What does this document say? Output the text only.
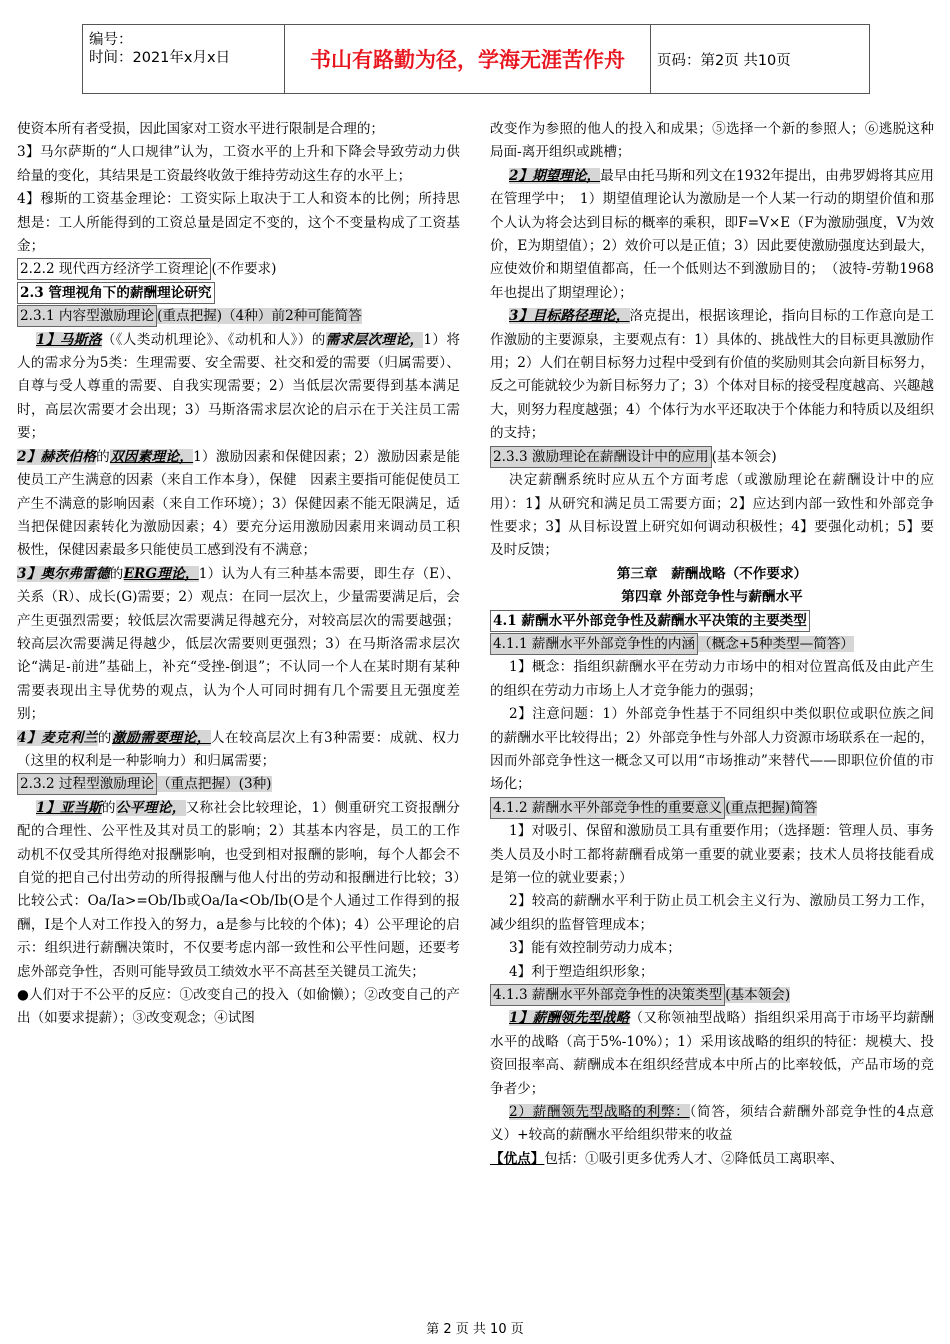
编号：
时间：2021年x月x日	书山有路勤为径，学海无涯苦作舟	页码：第2页 共10页

使资本所有者受损，因此国家对工资水平进行限制是合理的；

3】马尔萨斯的“人口规律”认为，工资水平的上升和下降会导致劳动力供给量的变化，其结果是工资最终收敛于维持劳动这生存的水平上；

4】穆斯的工资基金理论：工资实际上取决于工人和资本的比例；所持思想是：工人所能得到的工资总量是固定不变的，这个不变量构成了工资基金；

2.2.2 现代西方经济学工资理论 (不作要求)

2.3 管理视角下的薪酬理论研究

2.3.1 内容型激励理论 (重点把握)（4种）前2种可能简答

1】马斯洛（《人类动机理论》、《动机和人》）的需求层次理论，1）将人的需求分为5类：生理需要、安全需要、社交和爱的需要（归属需要）、自尊与受人尊重的需要、自我实现需要；2）当低层次需要得到基本满足时，高层次需要才会出现；3）马斯洛需求层次论的启示在于关注员工需要；

2】赫茨伯格的双因素理论，1）激励因素和保健因素；2）激励因素是能使员工产生满意的因素（来自工作本身），保健　因素主要指可能促使员工产生不满意的影响因素（来自工作环境）；3）保健因素不能无限满足，适当把保健因素转化为激励因素；4）要充分运用激励因素用来调动员工积极性，保健因素最多只能使员工感到没有不满意；

3】奥尔弗雷德的ERG理论，1）认为人有三种基本需要，即生存（E）、关系（R）、成长(G)需要；2）观点：在同一层次上，少量需要满足后，会产生更强烈需要；较低层次需要满足得越充分，对较高层次的需要越强；较高层次需要满足得越少，低层次需要则更强烈；3）在马斯洛需求层次论“满足-前进”基础上，补充“受挫-倒退”；不认同一个人在某时期有某种需要表现出主导优势的观点，认为个人可同时拥有几个需要且无强度差别；

4】麦克利兰的激励需要理论，人在较高层次上有3种需要：成就、权力（这里的权利是一种影响力）和归属需要；

2.3.2 过程型激励理论 （重点把握）(3种)

1】亚当斯的公平理论，又称社会比较理论，1）侧重研究工资报酬分配的合理性、公平性及其对员工的影响；2）其基本内容是，员工的工作动机不仅受其所得绝对报酬影响，也受到相对报酬的影响，每个人都会不自觉的把自己付出劳动的所得报酬与他人付出的劳动和报酬进行比较；3）比较公式：Oa/Ia>=Ob/Ib或Oa/Ia<Ob/Ib(O是个人通过工作得到的报酬，I是个人对工作投入的努力，a是参与比较的个体)；4）公平理论的启示：组织进行薪酬决策时，不仅要考虑内部一致性和公平性问题，还要考虑外部竞争性，否则可能导致员工绩效水平不高甚至关键员工流失；

●人们对于不公平的反应：①改变自己的投入（如偷懒）；②改变自己的产出（如要求提薪）；③改变观念；④试图

改变作为参照的他人的投入和成果；⑤选择一个新的参照人；⑥逃脱这种局面-离开组织或跳槽；

2】期望理论，最早由托马斯和列文在1932年提出，由弗罗姆将其应用在管理学中；　1）期望值理论认为激励是一个人某一行动的期望价值和那个人认为将会达到目标的概率的乘积，即F=V×E（F为激励强度，V为效价，E为期望值）；2）效价可以是正值；3）因此要使激励强度达到最大，应使效价和期望值都高，任一个低则达不到激励目的；　（波特-劳勒1968年也提出了期望理论）；

3】目标路径理论，洛克提出，根据该理论，指向目标的工作意向是工作激励的主要源泉，主要观点有：1）具体的、挑战性大的目标更具激励作用；2）人们在朝目标努力过程中受到有价值的奖励则其会向新目标努力，反之可能就较少为新目标努力了；3）个体对目标的接受程度越高、兴趣越大，则努力程度越强；4）个体行为水平还取决于个体能力和特质以及组织的支持；

2.3.3 激励理论在薪酬设计中的应用 (基本领会)

决定薪酬系统时应从五个方面考虑（或激励理论在薪酬设计中的应用）：1】从研究和满足员工需要方面；2】应达到内部一致性和外部竞争性要求；3】从目标设置上研究如何调动积极性；4】要强化动机；5】要及时反馈；

第三章　薪酬战略（不作要求）

第四章 外部竞争性与薪酬水平

4.1 薪酬水平外部竞争性及薪酬水平决策的主要类型

4.1.1 薪酬水平外部竞争性的内涵 （概念+5种类型—简答）

1】概念：指组织薪酬水平在劳动力市场中的相对位置高低及由此产生的组织在劳动力市场上人才竞争能力的强弱；

2】注意问题：1）外部竞争性基于不同组织中类似职位或职位族之间的薪酬水平比较得出；2）外部竞争性与外部人力资源市场联系在一起的，因而外部竞争性这一概念又可以用“市场推动”来替代——即职位价值的市场化；

4.1.2 薪酬水平外部竞争性的重要意义 (重点把握)简答

1】对吸引、保留和激励员工具有重要作用；（选择题：管理人员、事务类人员及小时工都将薪酬看成第一重要的就业要素；技术人员将技能看成是第一位的就业要素；）

2】较高的薪酬水平利于防止员工机会主义行为、激励员工努力工作，减少组织的监督管理成本；

3】能有效控制劳动力成本；

4】利于塑造组织形象；

4.1.3 薪酬水平外部竞争性的决策类型 (基本领会)

1】薪酬领先型战略（又称领袖型战略）指组织采用高于市场平均薪酬水平的战略（高于5%-10%）；1）采用该战略的组织的特征：规模大、投资回报率高、薪酬成本在组织经营成本中所占的比率较低，产品市场的竞争者少；

2）薪酬领先型战略的利弊：（简答，须结合薪酬外部竞争性的4点意义）+较高的薪酬水平给组织带来的收益

【优点】包括：①吸引更多优秀人才、②降低员工离职率、

第 2 页 共 10 页
